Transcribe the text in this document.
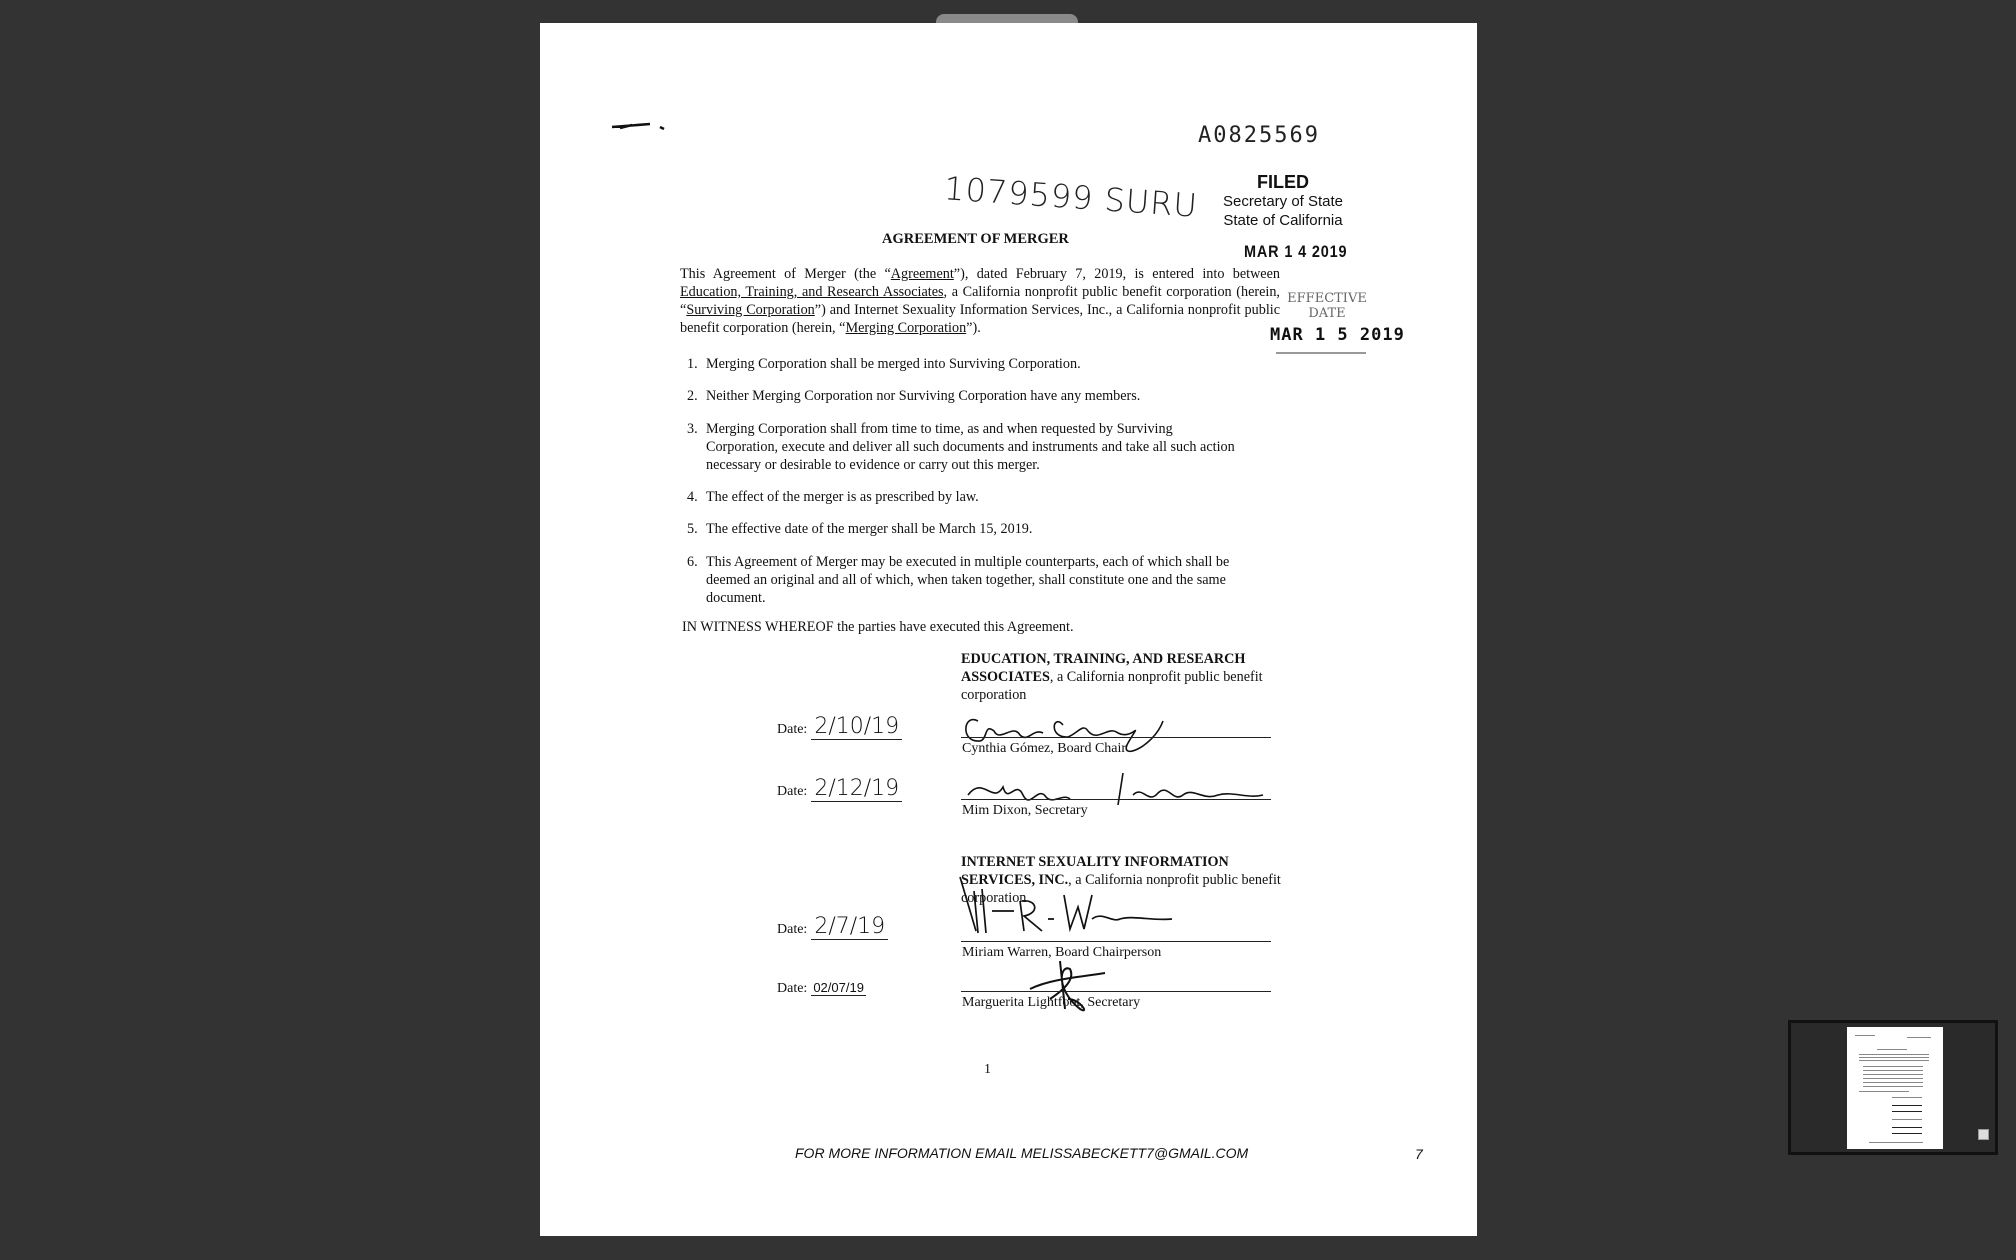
A0825569
1079599 SURU	FILED
Secretary of State
State of California
MAR 1 4 2019
EFFECTIVE
DATE
MAR 1 5 2019
AGREEMENT OF MERGER
This Agreement of Merger (the “Agreement”), dated February 7, 2019, is entered into between Education, Training, and Research Associates, a California nonprofit public benefit corporation (herein, “Surviving Corporation”) and Internet Sexuality Information Services, Inc., a California nonprofit public benefit corporation (herein, “Merging Corporation”).
1. Merging Corporation shall be merged into Surviving Corporation.
2. Neither Merging Corporation nor Surviving Corporation have any members.
3. Merging Corporation shall from time to time, as and when requested by Surviving Corporation, execute and deliver all such documents and instruments and take all such action necessary or desirable to evidence or carry out this merger.
4. The effect of the merger is as prescribed by law.
5. The effective date of the merger shall be March 15, 2019.
6. This Agreement of Merger may be executed in multiple counterparts, each of which shall be deemed an original and all of which, when taken together, shall constitute one and the same document.
IN WITNESS WHEREOF the parties have executed this Agreement.
EDUCATION, TRAINING, AND RESEARCH ASSOCIATES, a California nonprofit public benefit corporation
Date: 2/10/19
Cynthia Gómez, Board Chair
Date: 2/12/19
Mim Dixon, Secretary
INTERNET SEXUALITY INFORMATION SERVICES, INC., a California nonprofit public benefit corporation
Date: 2/7/19
Miriam Warren, Board Chairperson
Date: 02/07/19
Marguerita Lightfoot, Secretary
1
FOR MORE INFORMATION EMAIL MELISSABECKETT7@GMAIL.COM	7
